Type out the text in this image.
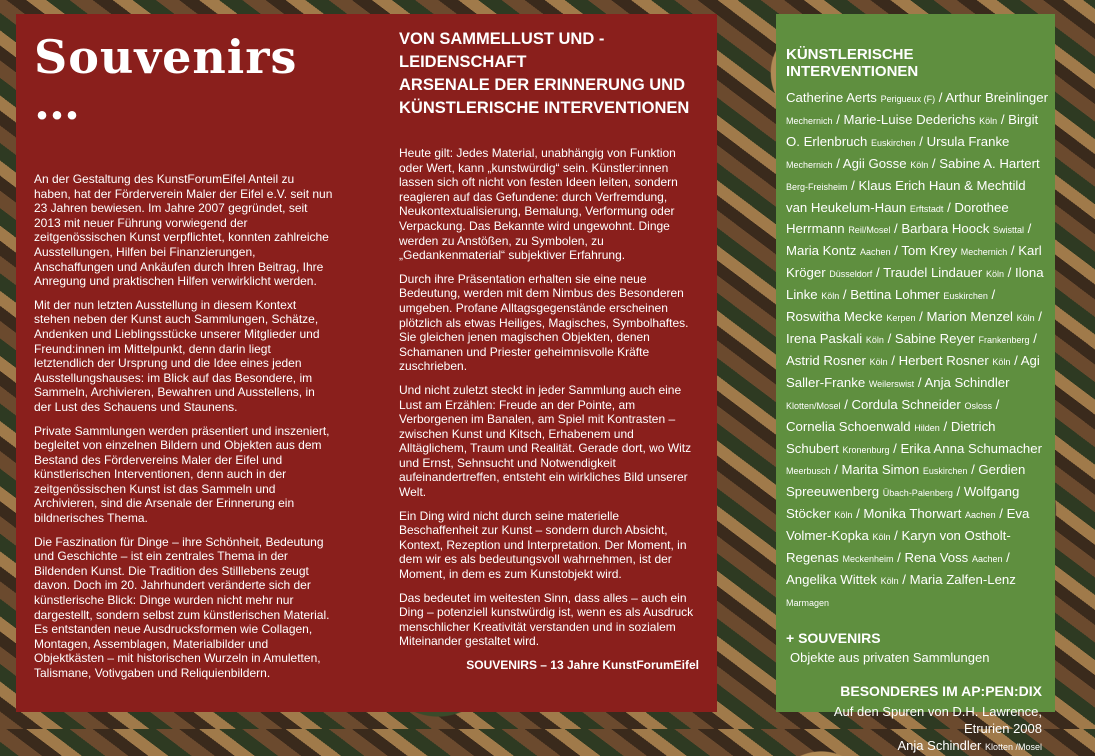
Souvenirs …

An der Gestaltung des KunstForumEifel Anteil zu haben, hat der Förderverein Maler der Eifel e.V. seit nun 23 Jahren bewiesen. Im Jahre 2007 gegründet, seit 2013 mit neuer Führung vorwiegend der zeitgenössischen Kunst verpflichtet, konnten zahlreiche Ausstellungen, Hilfen bei Finanzierungen, Anschaffungen und Ankäufen durch Ihren Beitrag, Ihre Anregung und praktischen Hilfen verwirklicht werden.

Mit der nun letzten Ausstellung in diesem Kontext stehen neben der Kunst auch Sammlungen, Schätze, Andenken und Lieblingsstücke unserer Mitglieder und Freund:innen im Mittelpunkt, denn darin liegt letztendlich der Ursprung und die Idee eines jeden Ausstellungshauses: im Blick auf das Besondere, im Sammeln, Archivieren, Bewahren und Ausstellens, in der Lust des Schauens und Staunens.

Private Sammlungen werden präsentiert und inszeniert, begleitet von einzelnen Bildern und Objekten aus dem Bestand des Fördervereins Maler der Eifel und künstlerischen Interventionen, denn auch in der zeitgenössischen Kunst ist das Sammeln und Archivieren, sind die Arsenale der Erinnerung ein bildnerisches Thema.

Die Faszination für Dinge – ihre Schönheit, Bedeutung und Geschichte – ist ein zentrales Thema in der Bildenden Kunst. Die Tradition des Stilllebens zeugt davon. Doch im 20. Jahrhundert veränderte sich der künstlerische Blick: Dinge wurden nicht mehr nur dargestellt, sondern selbst zum künstlerischen Material. Es entstanden neue Ausdrucksformen wie Collagen, Montagen, Assemblagen, Materialbilder und Objektkästen – mit historischen Wurzeln in Amuletten, Talismane, Votivgaben und Reliquienbildern.

VON SAMMELLUST UND -LEIDENSCHAFT
ARSENALE DER ERINNERUNG UND
KÜNSTLERISCHE INTERVENTIONEN

Heute gilt: Jedes Material, unabhängig von Funktion oder Wert, kann „kunstwürdig“ sein. Künstler:innen lassen sich oft nicht von festen Ideen leiten, sondern reagieren auf das Gefundene: durch Verfremdung, Neukontextualisierung, Bemalung, Verformung oder Verpackung. Das Bekannte wird ungewohnt. Dinge werden zu Anstößen, zu Symbolen, zu „Gedankenmaterial“ subjektiver Erfahrung.

Durch ihre Präsentation erhalten sie eine neue Bedeutung, werden mit dem Nimbus des Besonderen umgeben. Profane Alltagsgegenstände erscheinen plötzlich als etwas Heiliges, Magisches, Symbolhaftes. Sie gleichen jenen magischen Objekten, denen Schamanen und Priester geheimnisvolle Kräfte zuschrieben.

Und nicht zuletzt steckt in jeder Sammlung auch eine Lust am Erzählen: Freude an der Pointe, am Verborgenen im Banalen, am Spiel mit Kontrasten – zwischen Kunst und Kitsch, Erhabenem und Alltäglichem, Traum und Realität. Gerade dort, wo Witz und Ernst, Sehnsucht und Notwendigkeit aufeinandertreffen, entsteht ein wirkliches Bild unserer Welt.

Ein Ding wird nicht durch seine materielle Beschaffenheit zur Kunst – sondern durch Absicht, Kontext, Rezeption und Interpretation. Der Moment, in dem wir es als bedeutungsvoll wahrnehmen, ist der Moment, in dem es zum Kunstobjekt wird.

Das bedeutet im weitesten Sinn, dass alles – auch ein Ding – potenziell kunstwürdig ist, wenn es als Ausdruck menschlicher Kreativität verstanden und in sozialem Miteinander gestaltet wird.

SOUVENIRS – 13 Jahre KunstForumEifel
KÜNSTLERISCHE INTERVENTIONEN
Catherine Aerts Perigueux (F) / Arthur Breinlinger Mechernich / Marie-Luise Dederichs Köln / Birgit O. Erlenbruch Euskirchen / Ursula Franke Mechernich / Agii Gosse Köln / Sabine A. Hartert Berg-Freisheim / Klaus Erich Haun & Mechtild van Heukelum-Haun Erftstadt / Dorothee Herrmann Reil/Mosel / Barbara Hoock Swisttal / Maria Kontz Aachen / Tom Krey Mechernich / Karl Kröger Düsseldorf / Traudel Lindauer Köln / Ilona Linke Köln / Bettina Lohmer Euskirchen / Roswitha Mecke Kerpen / Marion Menzel Köln / Irena Paskali Köln / Sabine Reyer Frankenberg / Astrid Rosner Köln / Herbert Rosner Köln / Agi Saller-Franke Weilerswist / Anja Schindler Klotten/Mosel / Cordula Schneider Osloss / Cornelia Schoenwald Hilden / Dietrich Schubert Kronenburg / Erika Anna Schumacher Meerbusch / Marita Simon Euskirchen / Gerdien Spreeuwenberg Übach-Palenberg / Wolfgang Stöcker Köln / Monika Thorwart Aachen / Eva Volmer-Kopka Köln / Karyn von Ostholt-Regenas Meckenheim / Rena Voss Aachen / Angelika Wittek Köln / Maria Zalfen-Lenz Marmagen
+ SOUVENIRS
Objekte aus privaten Sammlungen
BESONDERES IM AP:PEN:DIX
Auf den Spuren von D.H. Lawrence,
Etrurien 2008
Anja Schindler Klotten /Mosel
